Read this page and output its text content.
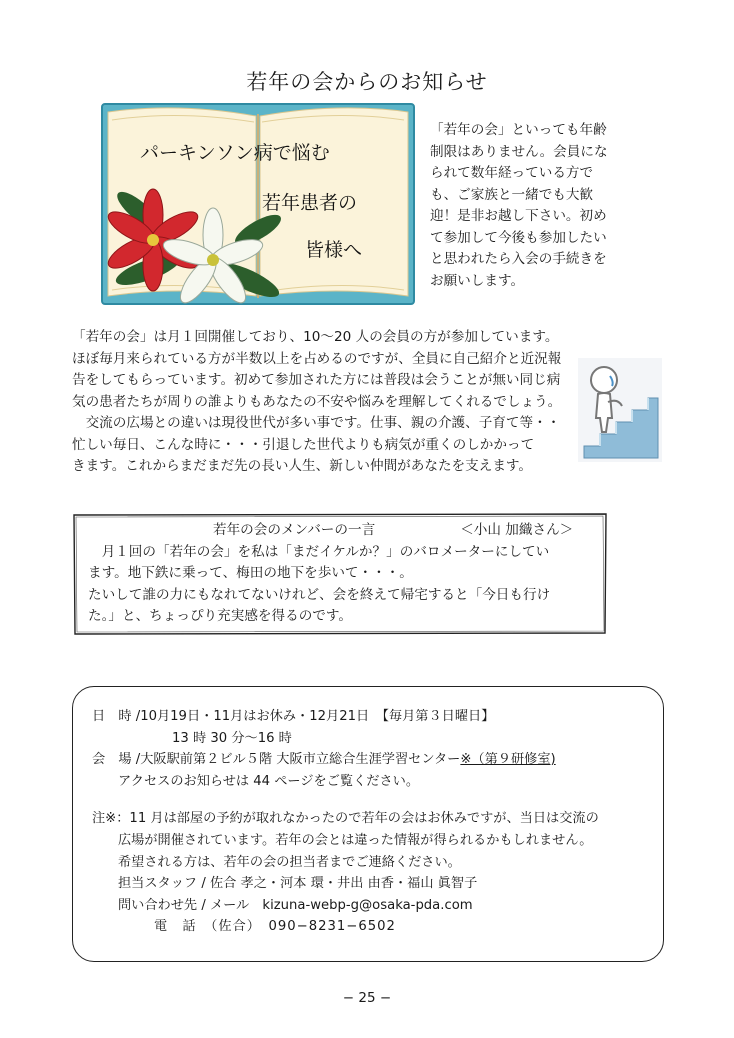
若年の会からのお知らせ
パーキンソン病で悩む
若年患者の
皆様へ
「若年の会」といっても年齢
制限はありません。会員にな
られて数年経っている方で
も、ご家族と一緒でも大歓
迎！是非お越し下さい。初め
て参加して今後も参加したい
と思われたら入会の手続きを
お願いします。
「若年の会」は月１回開催しており、10〜20 人の会員の方が参加しています。
ほぼ毎月来られている方が半数以上を占めるのですが、全員に自己紹介と近況報
告をしてもらっています。初めて参加された方には普段は会うことが無い同じ病
気の患者たちが周りの誰よりもあなたの不安や悩みを理解してくれるでしょう。
　交流の広場との違いは現役世代が多い事です。仕事、親の介護、子育て等・・
忙しい毎日、こんな時に・・・引退した世代よりも病気が重くのしかかって
きます。これからまだまだ先の長い人生、新しい仲間があなたを支えます。
若年の会のメンバーの一言	＜小山 加織さん＞
　月１回の「若年の会」を私は「まだイケルか？」のバロメーターにしてい
ます。地下鉄に乗って、梅田の地下を歩いて・・・。
たいして誰の力にもなれてないけれど、会を終えて帰宅すると「今日も行け
た。」と、ちょっぴり充実感を得るのです。
日　時 /10月19日・11月はお休み・12月21日　【毎月第３日曜日】
13 時 30 分〜16 時
会　場 /大阪駅前第２ビル５階 大阪市立総合生涯学習センター※（第９研修室)
アクセスのお知らせは 44 ページをご覧ください。
注※：11 月は部屋の予約が取れなかったので若年の会はお休みですが、当日は交流の
広場が開催されています。若年の会とは違った情報が得られるかもしれません。
希望される方は、若年の会の担当者までご連絡ください。
担当スタッフ / 佐合 孝之・河本 環・井出 由香・福山 眞智子
問い合わせ先 / メール　kizuna-webp-g@osaka-pda.com
電　話　（佐合）　090−8231−6502
− 25 −
